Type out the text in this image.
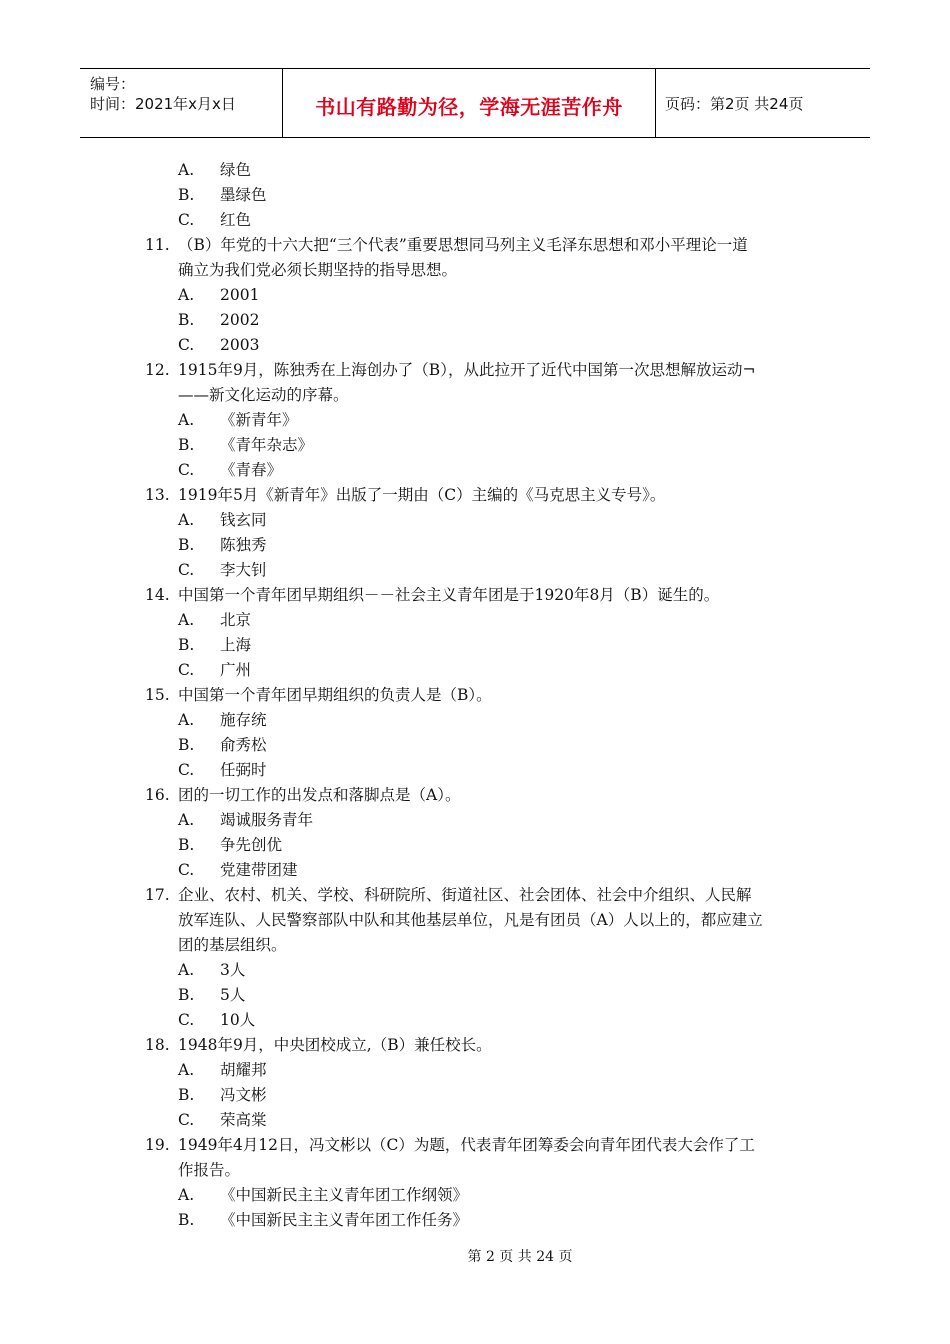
编号：
时间：2021年x月x日	书山有路勤为径，学海无涯苦作舟	页码：第2页 共24页
A. 绿色
B. 墨绿色
C. 红色
11. （B）年党的十六大把“三个代表”重要思想同马列主义毛泽东思想和邓小平理论一道
确立为我们党必须长期坚持的指导思想。
A. 2001
B. 2002
C. 2003
12. 1915年9月，陈独秀在上海创办了（B），从此拉开了近代中国第一次思想解放运动¬
——新文化运动的序幕。
A. 《新青年》
B. 《青年杂志》
C. 《青春》
13. 1919年5月《新青年》出版了一期由（C）主编的《马克思主义专号》。
A. 钱玄同
B. 陈独秀
C. 李大钊
14. 中国第一个青年团早期组织－－社会主义青年团是于1920年8月（B）诞生的。
A. 北京
B. 上海
C. 广州
15. 中国第一个青年团早期组织的负责人是（B）。
A. 施存统
B. 俞秀松
C. 任弼时
16. 团的一切工作的出发点和落脚点是（A）。
A. 竭诚服务青年
B. 争先创优
C. 党建带团建
17. 企业、农村、机关、学校、科研院所、街道社区、社会团体、社会中介组织、人民解
放军连队、人民警察部队中队和其他基层单位，凡是有团员（A）人以上的，都应建立
团的基层组织。
A. 3人
B. 5人
C. 10人
18. 1948年9月，中央团校成立,（B）兼任校长。
A. 胡耀邦
B. 冯文彬
C. 荣高棠
19. 1949年4月12日，冯文彬以（C）为题，代表青年团筹委会向青年团代表大会作了工
作报告。
A. 《中国新民主主义青年团工作纲领》
B. 《中国新民主主义青年团工作任务》
第 2 页 共 24 页
